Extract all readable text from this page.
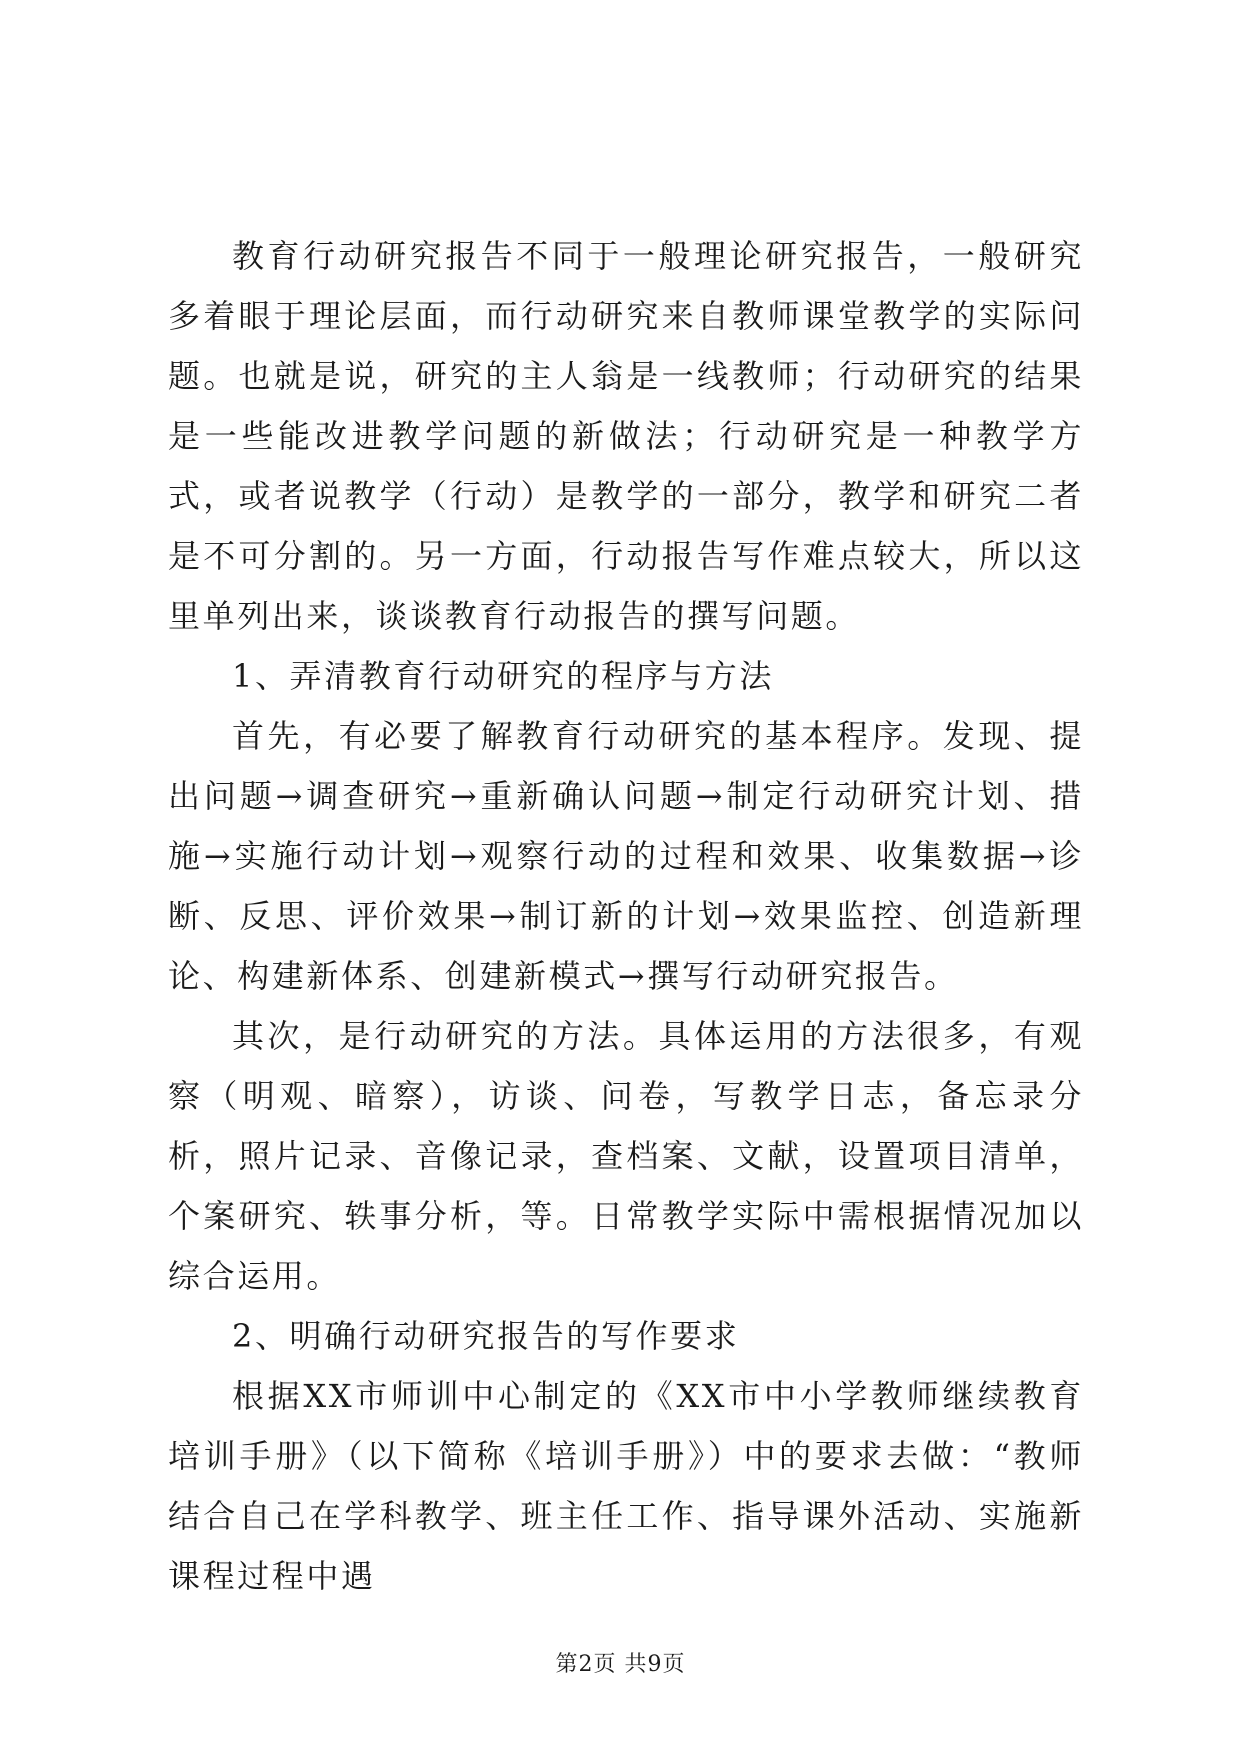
教育行动研究报告不同于一般理论研究报告，一般研究多着眼于理论层面，而行动研究来自教师课堂教学的实际问题。也就是说，研究的主人翁是一线教师；行动研究的结果是一些能改进教学问题的新做法；行动研究是一种教学方式，或者说教学（行动）是教学的一部分，教学和研究二者是不可分割的。另一方面，行动报告写作难点较大，所以这里单列出来，谈谈教育行动报告的撰写问题。

1、弄清教育行动研究的程序与方法

首先，有必要了解教育行动研究的基本程序。发现、提出问题→调查研究→重新确认问题→制定行动研究计划、措施→实施行动计划→观察行动的过程和效果、收集数据→诊断、反思、评价效果→制订新的计划→效果监控、创造新理论、构建新体系、创建新模式→撰写行动研究报告。

其次，是行动研究的方法。具体运用的方法很多，有观察（明观、暗察），访谈、问卷，写教学日志，备忘录分析，照片记录、音像记录，查档案、文献，设置项目清单，个案研究、轶事分析，等。日常教学实际中需根据情况加以综合运用。

2、明确行动研究报告的写作要求

根据XX市师训中心制定的《XX市中小学教师继续教育培训手册》（以下简称《培训手册》）中的要求去做：“教师结合自己在学科教学、班主任工作、指导课外活动、实施新课程过程中遇

第2页 共9页
